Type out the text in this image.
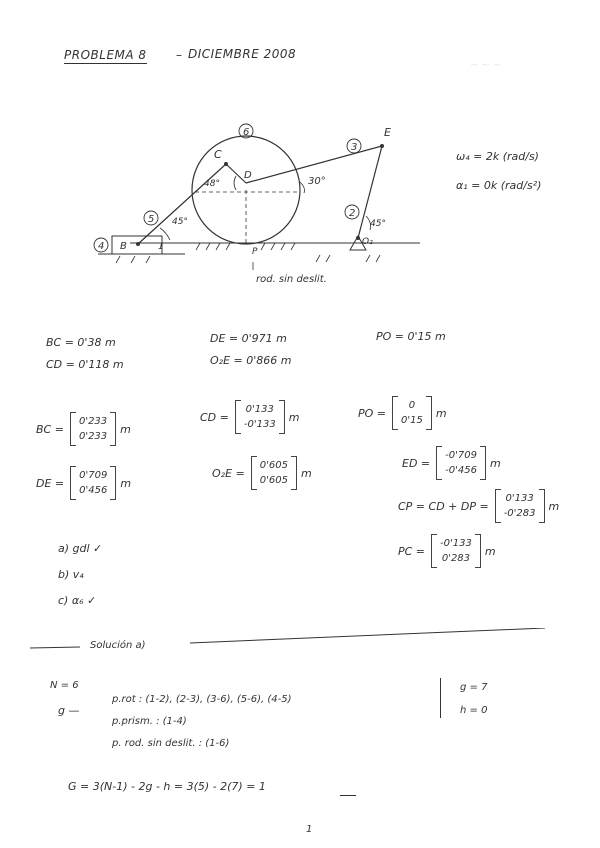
PROBLEMA 8 – DICIEMBRE 2008
~ ~ ~
6
3
2
5
4	1
E
C
D
B	O₂
P
48°	30°
45°	45°
rod. sin deslit.
ω₄ = 2k (rad/s)
α₁ = 0k (rad/s²)
BC = 0'38 m
CD = 0'118 m
DE = 0'971 m
O₂E = 0'866 m
PO = 0'15 m
BC =
0'233
0'233
m
CD =
0'133
-0'133
m	PO =
0
0'15
m
DE =
0'709
0'456
m
O₂E =
0'605
0'605
m
ED =
-0'709
-0'456
m
CP = CD + DP =
0'133
-0'283
m
PC =
-0'133
0'283
m
a) gdl ✓
b) v₄
c) α₆ ✓
Solución a)
N = 6
g —
p.rot : (1-2), (2-3), (3-6), (5-6), (4-5)
p.prism. : (1-4)
p. rod. sin deslit. : (1-6)
g = 7
h = 0
G = 3(N-1) - 2g - h = 3(5) - 2(7) = 1
1
